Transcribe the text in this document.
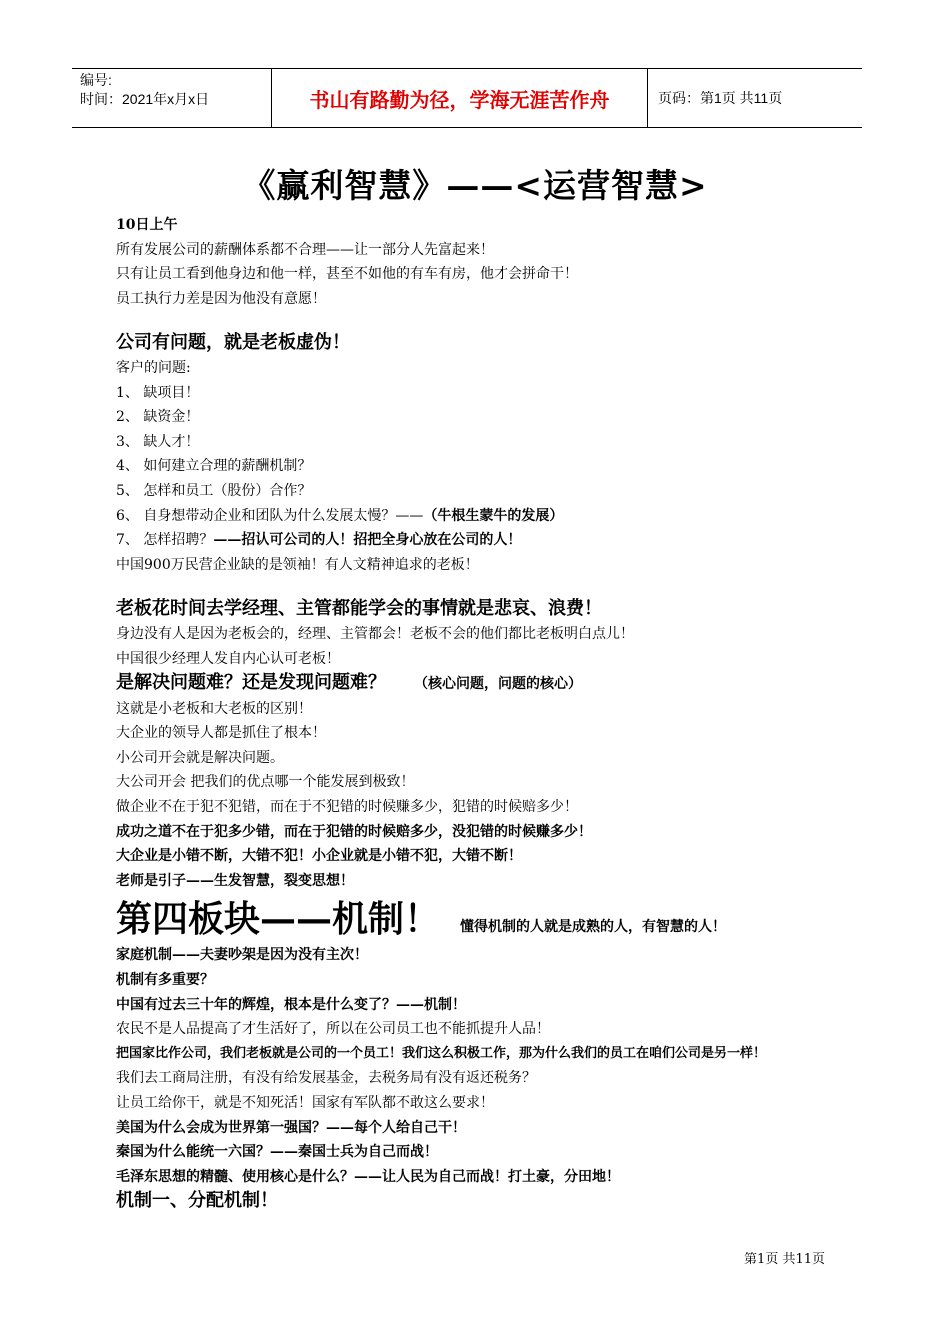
编号:
时间：2021年x月x日	书山有路勤为径，学海无涯苦作舟	页码：第1页 共11页
《赢利智慧》——<运营智慧>

10日上午

所有发展公司的薪酬体系都不合理——让一部分人先富起来！

只有让员工看到他身边和他一样，甚至不如他的有车有房，他才会拼命干！

员工执行力差是因为他没有意愿！

公司有问题，就是老板虚伪！

客户的问题:

1、 缺项目！

2、 缺资金！

3、 缺人才！

4、 如何建立合理的薪酬机制？

5、 怎样和员工（股份）合作？

6、 自身想带动企业和团队为什么发展太慢？——（牛根生蒙牛的发展）

7、 怎样招聘？——招认可公司的人！招把全身心放在公司的人！

中国900万民营企业缺的是领袖！有人文精神追求的老板！

老板花时间去学经理、主管都能学会的事情就是悲哀、浪费！

身边没有人是因为老板会的，经理、主管都会！老板不会的他们都比老板明白点儿！

中国很少经理人发自内心认可老板！

是解决问题难？还是发现问题难？ （核心问题，问题的核心）

这就是小老板和大老板的区别！

大企业的领导人都是抓住了根本！

小公司开会就是解决问题。

大公司开会 把我们的优点哪一个能发展到极致！

做企业不在于犯不犯错，而在于不犯错的时候赚多少，犯错的时候赔多少！

成功之道不在于犯多少错，而在于犯错的时候赔多少，没犯错的时候赚多少！

大企业是小错不断，大错不犯！小企业就是小错不犯，大错不断！

老师是引子——生发智慧，裂变思想！

第四板块——机制！ 懂得机制的人就是成熟的人，有智慧的人！

家庭机制——夫妻吵架是因为没有主次！

机制有多重要？

中国有过去三十年的辉煌，根本是什么变了？——机制！

农民不是人品提高了才生活好了，所以在公司员工也不能抓提升人品！

把国家比作公司，我们老板就是公司的一个员工！我们这么积极工作，那为什么我们的员工在咱们公司是另一样！

我们去工商局注册，有没有给发展基金，去税务局有没有返还税务？

让员工给你干，就是不知死活！国家有军队都不敢这么要求！

美国为什么会成为世界第一强国？——每个人给自己干！

秦国为什么能统一六国？——秦国士兵为自己而战！

毛泽东思想的精髓、使用核心是什么？——让人民为自己而战！打土豪，分田地！

机制一、分配机制！

第1页 共11页
